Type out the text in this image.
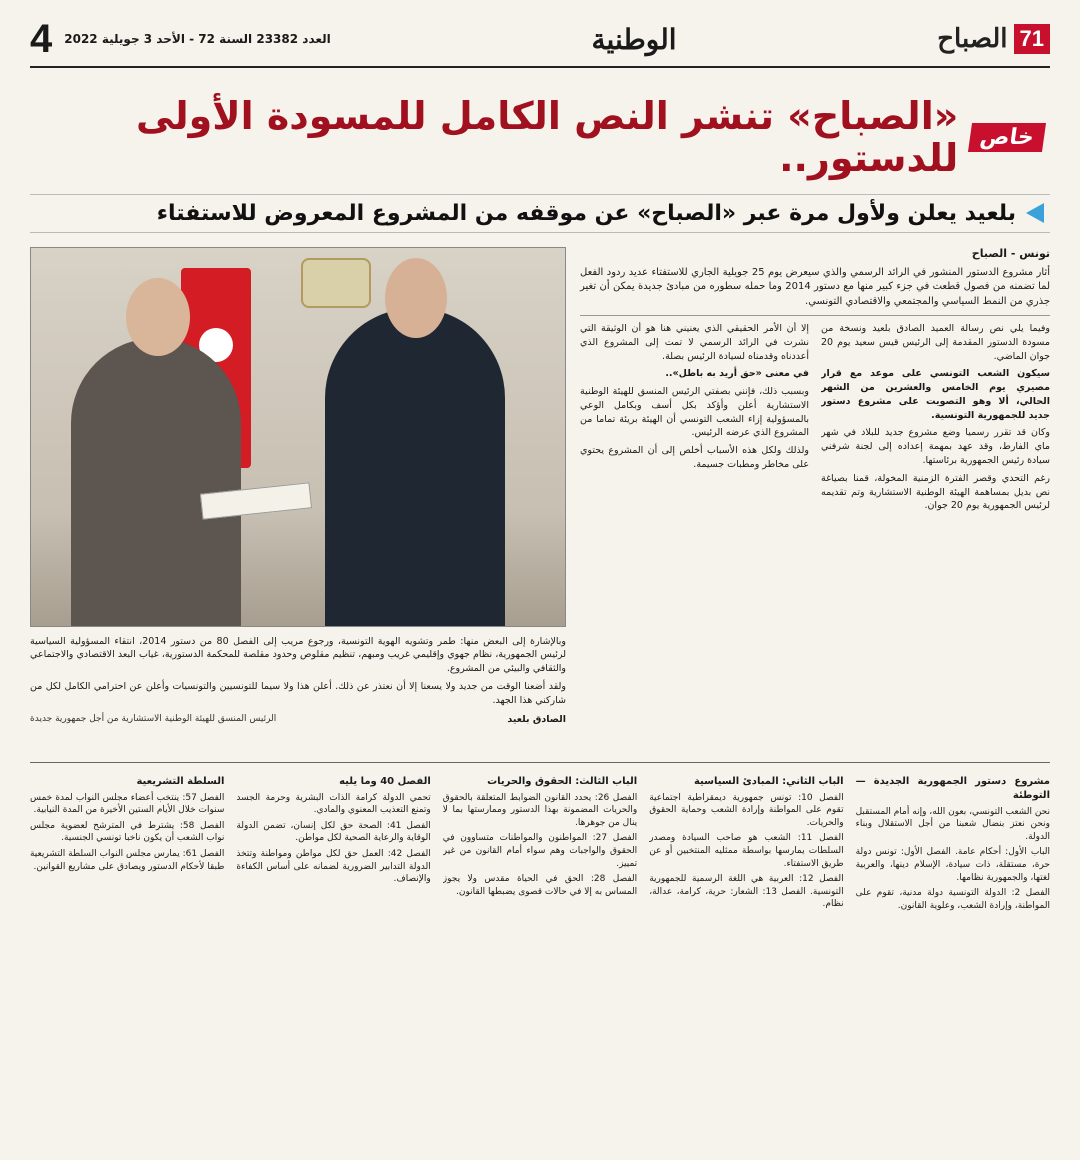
71
الصباح
الوطنية
العدد 23382 السنة 72 - الأحد 3 جويلية 2022
4
خاص
«الصباح» تنشر النص الكامل للمسودة الأولى للدستور..
بلعيد يعلن ولأول مرة عبر «الصباح» عن موقفه من المشروع المعروض للاستفتاء
تونس - الصباح
أثار مشروع الدستور المنشور في الرائد الرسمي والذي سيعرض يوم 25 جويلية الجاري للاستفتاء عديد ردود الفعل لما تضمنه من فصول قطعت في جزء كبير منها مع دستور 2014 وما حمله سطوره من مبادئ جديدة يمكن أن تغير جذري من النمط السياسي والمجتمعي والاقتصادي التونسي.

وفيما يلي نص رسالة العميد الصادق بلعيد ونسخة من مسودة الدستور المقدمة إلى الرئيس قيس سعيد يوم 20 جوان الماضي.

سيكون الشعب التونسي على موعد مع قرار مصيري يوم الخامس والعشرين من الشهر الحالي، ألا وهو التصويت على مشروع دستور جديد للجمهورية التونسية.

وكان قد تقرر رسميا وضع مشروع جديد للبلاد في شهر ماي الفارط، وقد عهد بمهمة إعداده إلى لجنة شرفني سيادة رئيس الجمهورية برئاستها.

رغم التحدي وقصر الفترة الزمنية المخولة، قمنا بصياغة نص بديل بمساهمة الهيئة الوطنية الاستشارية وتم تقديمه لرئيس الجمهورية يوم 20 جوان.

إلا أن الأمر الحقيقي الذي يعنيني هنا هو أن الوثيقة التي نشرت في الرائد الرسمي لا تمت إلى المشروع الذي أعددناه وقدمناه لسيادة الرئيس بصلة.

في معنى «حق أريد به باطل»..

وبسبب ذلك، فإنني بصفتي الرئيس المنسق للهيئة الوطنية الاستشارية أعلن وأؤكد بكل أسف وبكامل الوعي بالمسؤولية إزاء الشعب التونسي أن الهيئة بريئة تماما من المشروع الذي عرضه الرئيس.

ولذلك ولكل هذه الأسباب أخلص إلى أن المشروع يحتوي على مخاطر ومطبات جسيمة.

وبالإشارة إلى البعض منها: طمر وتشويه الهوية التونسية، ورجوع مريب إلى الفصل 80 من دستور 2014، انتقاء المسؤولية السياسية لرئيس الجمهورية، نظام جهوي وإقليمي غريب ومبهم، تنظيم مقلوص وحدود مقلصة للمحكمة الدستورية، غياب البعد الاقتصادي والاجتماعي والثقافي والبيئي من المشروع.
ولقد أضعنا الوقت من جديد ولا يسعنا إلا أن نعتذر عن ذلك. أعلن هذا ولا سيما للتونسيين والتونسيات وأعلن عن احترامي الكامل لكل من شاركني هذا الجهد.
الصادق بلعيد
الرئيس المنسق للهيئة الوطنية الاستشارية من أجل جمهورية جديدة
مشروع دستور الجمهورية الجديدة — التوطئة

نحن الشعب التونسي، بعون الله، وإنه أمام المستقبل ونحن نعتز بنضال شعبنا من أجل الاستقلال وبناء الدولة.

الباب الأول: أحكام عامة. الفصل الأول: تونس دولة حرة، مستقلة، ذات سيادة، الإسلام دينها، والعربية لغتها، والجمهورية نظامها.

الفصل 2: الدولة التونسية دولة مدنية، تقوم على المواطنة، وإرادة الشعب، وعلوية القانون.

الباب الثاني: المبادئ السياسية

الفصل 10: تونس جمهورية ديمقراطية اجتماعية تقوم على المواطنة وإرادة الشعب وحماية الحقوق والحريات.

الفصل 11: الشعب هو صاحب السيادة ومصدر السلطات يمارسها بواسطة ممثليه المنتخبين أو عن طريق الاستفتاء.

الفصل 12: العربية هي اللغة الرسمية للجمهورية التونسية. الفصل 13: الشعار: حرية، كرامة، عدالة، نظام.

الباب الثالث: الحقوق والحريات

الفصل 26: يحدد القانون الضوابط المتعلقة بالحقوق والحريات المضمونة بهذا الدستور وممارستها بما لا ينال من جوهرها.

الفصل 27: المواطنون والمواطنات متساوون في الحقوق والواجبات وهم سواء أمام القانون من غير تمييز.

الفصل 28: الحق في الحياة مقدس ولا يجوز المساس به إلا في حالات قصوى يضبطها القانون.

الفصل 40 وما يليه

تحمي الدولة كرامة الذات البشرية وحرمة الجسد وتمنع التعذيب المعنوي والمادي.

الفصل 41: الصحة حق لكل إنسان، تضمن الدولة الوقاية والرعاية الصحية لكل مواطن.

الفصل 42: العمل حق لكل مواطن ومواطنة وتتخذ الدولة التدابير الضرورية لضمانه على أساس الكفاءة والإنصاف.

السلطة التشريعية

الفصل 57: ينتخب أعضاء مجلس النواب لمدة خمس سنوات خلال الأيام الستين الأخيرة من المدة النيابية.

الفصل 58: يشترط في المترشح لعضوية مجلس نواب الشعب أن يكون ناخبا تونسي الجنسية.

الفصل 61: يمارس مجلس النواب السلطة التشريعية طبقا لأحكام الدستور ويصادق على مشاريع القوانين.
